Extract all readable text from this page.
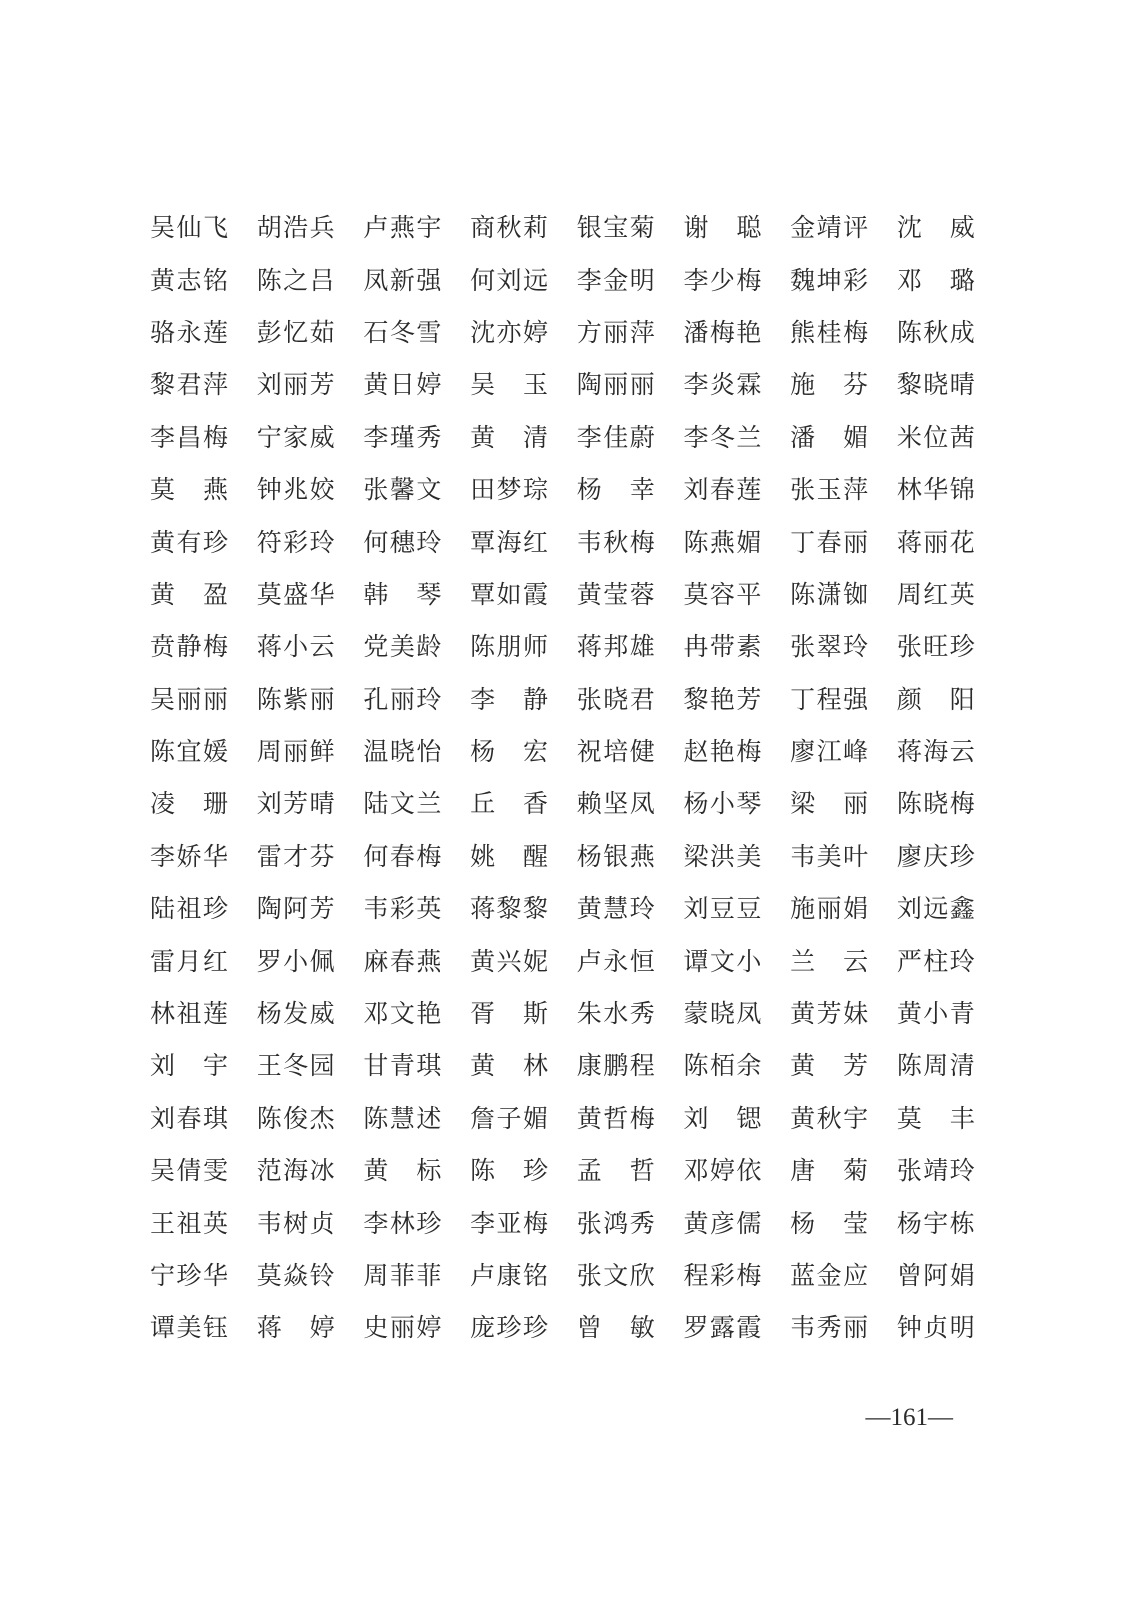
吴仙飞 胡浩兵 卢燕宇 商秋莉 银宝菊 谢 聪 金靖评 沈 威
黄志铭 陈之吕 凤新强 何刘远 李金明 李少梅 魏坤彩 邓 璐
骆永莲 彭忆茹 石冬雪 沈亦婷 方丽萍 潘梅艳 熊桂梅 陈秋成
黎君萍 刘丽芳 黄日婷 吴 玉 陶丽丽 李炎霖 施 芬 黎晓晴
李昌梅 宁家威 李瑾秀 黄 清 李佳蔚 李冬兰 潘 媚 米位茜
莫 燕 钟兆姣 张馨文 田梦琮 杨 幸 刘春莲 张玉萍 林华锦
黄有珍 符彩玲 何穗玲 覃海红 韦秋梅 陈燕媚 丁春丽 蒋丽花
黄 盈 莫盛华 韩 琴 覃如霞 黄莹蓉 莫容平 陈潇铷 周红英
贲静梅 蒋小云 党美龄 陈朋师 蒋邦雄 冉带素 张翠玲 张旺珍
吴丽丽 陈紫丽 孔丽玲 李 静 张晓君 黎艳芳 丁程强 颜 阳
陈宜媛 周丽鲜 温晓怡 杨 宏 祝培健 赵艳梅 廖江峰 蒋海云
凌 珊 刘芳晴 陆文兰 丘 香 赖坚凤 杨小琴 梁 丽 陈晓梅
李娇华 雷才芬 何春梅 姚 醒 杨银燕 梁洪美 韦美叶 廖庆珍
陆祖珍 陶阿芳 韦彩英 蒋黎黎 黄慧玲 刘豆豆 施丽娟 刘远鑫
雷月红 罗小佩 麻春燕 黄兴妮 卢永恒 谭文小 兰 云 严柱玲
林祖莲 杨发威 邓文艳 胥 斯 朱水秀 蒙晓凤 黄芳妹 黄小青
刘 宇 王冬园 甘青琪 黄 林 康鹏程 陈栢余 黄 芳 陈周清
刘春琪 陈俊杰 陈慧述 詹子媚 黄哲梅 刘 锶 黄秋宇 莫 丰
吴倩雯 范海冰 黄 标 陈 珍 孟 哲 邓婷依 唐 菊 张靖玲
王祖英 韦树贞 李林珍 李亚梅 张鸿秀 黄彦儒 杨 莹 杨宇栋
宁珍华 莫焱铃 周菲菲 卢康铭 张文欣 程彩梅 蓝金应 曾阿娟
谭美钰 蒋 婷 史丽婷 庞珍珍 曾 敏 罗露霞 韦秀丽 钟贞明
—161—
